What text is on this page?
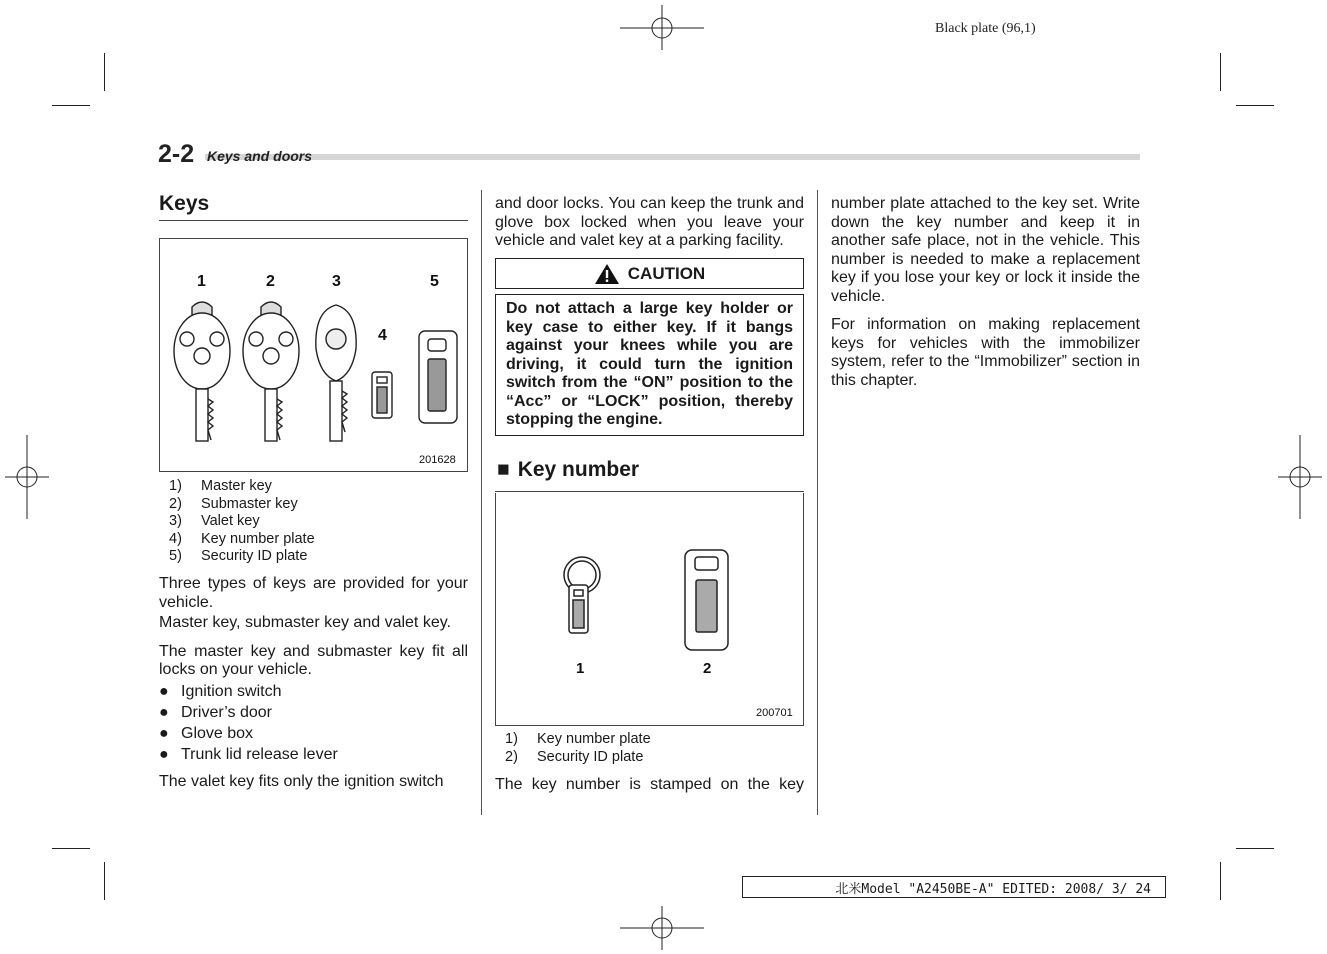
Black plate (96,1)
2-2 Keys and doors
Keys
1	2	3
4
5
201628
1)	Master key
2)	Submaster key
3)	Valet key
4)	Key number plate
5)	Security ID plate

Three types of keys are provided for your vehicle.

Master key, submaster key and valet key.

The master key and submaster key fit all locks on your vehicle.

● Ignition switch
● Driver’s door
● Glove box
● Trunk lid release lever

The valet key fits only the ignition switch

and door locks. You can keep the trunk and glove box locked when you leave your vehicle and valet key at a parking facility.

CAUTION
Do not attach a large key holder or key case to either key. If it bangs against your knees while you are driving, it could turn the ignition switch from the “ON” position to the “Acc” or “LOCK” position, thereby stopping the engine.
■ Key number
1	2
200701
1)	Key number plate
2)	Security ID plate

The key number is stamped on the key

number plate attached to the key set. Write down the key number and keep it in another safe place, not in the vehicle. This number is needed to make a replacement key if you lose your key or lock it inside the vehicle.

For information on making replacement keys for vehicles with the immobilizer system, refer to the “Immobilizer” section in this chapter.

北米Model "A2450BE-A" EDITED: 2008/ 3/ 24
